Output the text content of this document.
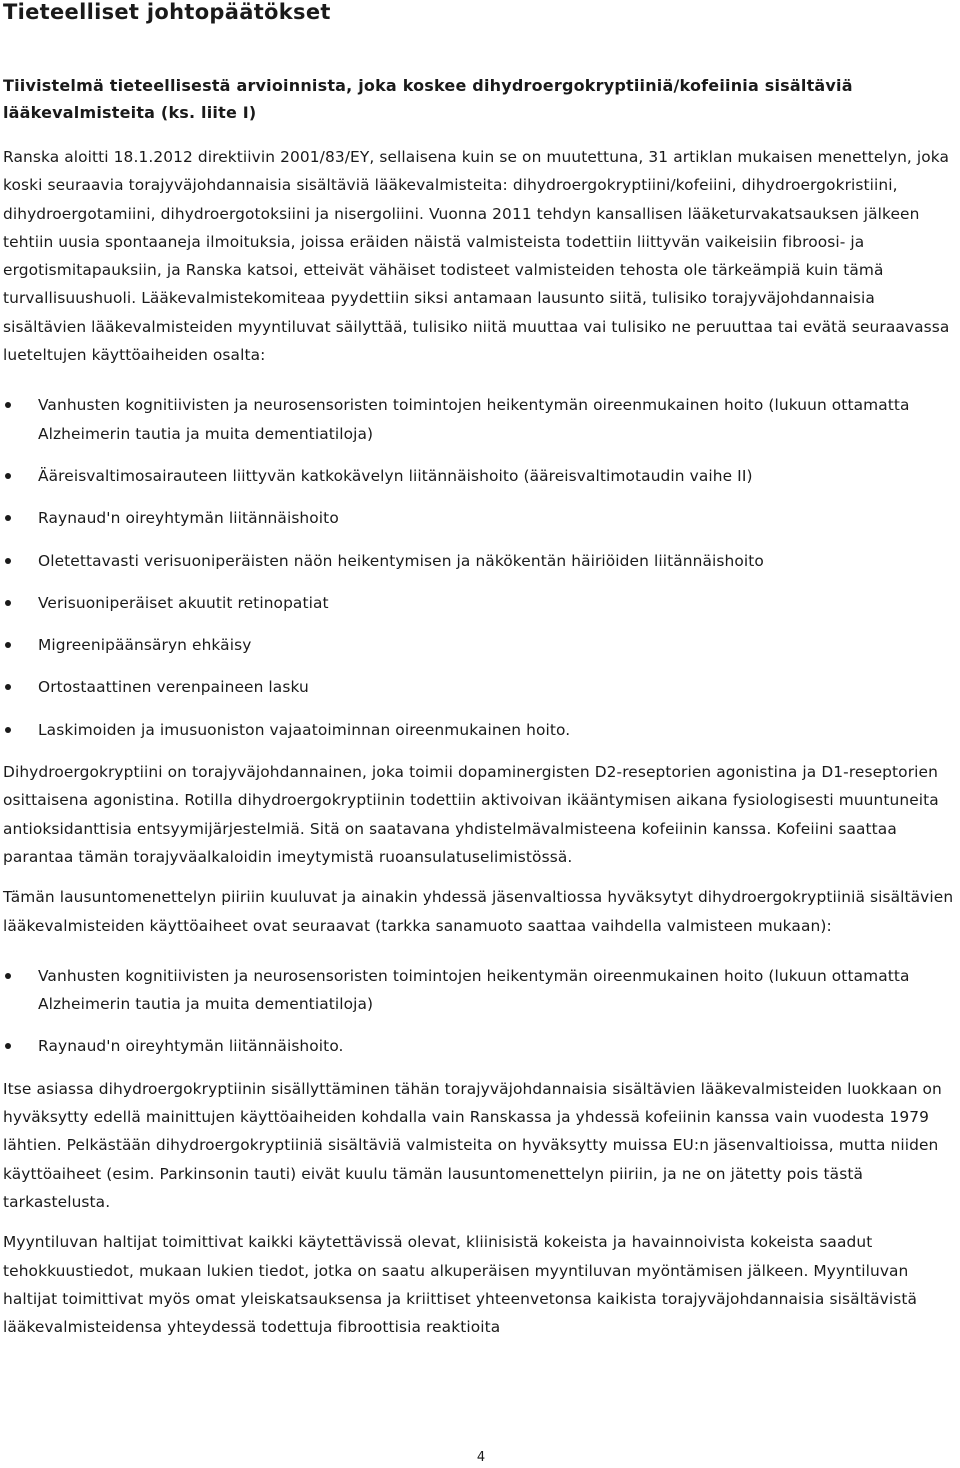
Tieteelliset johtopäätökset
Tiivistelmä tieteellisestä arvioinnista, joka koskee dihydroergokryptiiniä/kofeiinia sisältäviä lääkevalmisteita (ks. liite I)

Ranska aloitti 18.1.2012 direktiivin 2001/83/EY, sellaisena kuin se on muutettuna, 31 artiklan mukaisen menettelyn, joka koski seuraavia torajyväjohdannaisia sisältäviä lääkevalmisteita: dihydroergokryptiini/kofeiini, dihydroergokristiini, dihydroergotamiini, dihydroergotoksiini ja nisergoliini. Vuonna 2011 tehdyn kansallisen lääketurvakatsauksen jälkeen tehtiin uusia spontaaneja ilmoituksia, joissa eräiden näistä valmisteista todettiin liittyvän vaikeisiin fibroosi- ja ergotismitapauksiin, ja Ranska katsoi, etteivät vähäiset todisteet valmisteiden tehosta ole tärkeämpiä kuin tämä turvallisuushuoli. Lääkevalmistekomiteaa pyydettiin siksi antamaan lausunto siitä, tulisiko torajyväjohdannaisia sisältävien lääkevalmisteiden myyntiluvat säilyttää, tulisiko niitä muuttaa vai tulisiko ne peruuttaa tai evätä seuraavassa lueteltujen käyttöaiheiden osalta:

Vanhusten kognitiivisten ja neurosensoristen toimintojen heikentymän oireenmukainen hoito (lukuun ottamatta Alzheimerin tautia ja muita dementiatiloja)
Ääreisvaltimosairauteen liittyvän katkokävelyn liitännäishoito (ääreisvaltimotaudin vaihe II)
Raynaud'n oireyhtymän liitännäishoito
Oletettavasti verisuoniperäisten näön heikentymisen ja näkökentän häiriöiden liitännäishoito
Verisuoniperäiset akuutit retinopatiat
Migreenipäänsäryn ehkäisy
Ortostaattinen verenpaineen lasku
Laskimoiden ja imusuoniston vajaatoiminnan oireenmukainen hoito.

Dihydroergokryptiini on torajyväjohdannainen, joka toimii dopaminergisten D2-reseptorien agonistina ja D1-reseptorien osittaisena agonistina. Rotilla dihydroergokryptiinin todettiin aktivoivan ikääntymisen aikana fysiologisesti muuntuneita antioksidanttisia entsyymijärjestelmiä. Sitä on saatavana yhdistelmävalmisteena kofeiinin kanssa. Kofeiini saattaa parantaa tämän torajyväalkaloidin imeytymistä ruoansulatuselimistössä.

Tämän lausuntomenettelyn piiriin kuuluvat ja ainakin yhdessä jäsenvaltiossa hyväksytyt dihydroergokryptiiniä sisältävien lääkevalmisteiden käyttöaiheet ovat seuraavat (tarkka sanamuoto saattaa vaihdella valmisteen mukaan):

Vanhusten kognitiivisten ja neurosensoristen toimintojen heikentymän oireenmukainen hoito (lukuun ottamatta Alzheimerin tautia ja muita dementiatiloja)
Raynaud'n oireyhtymän liitännäishoito.

Itse asiassa dihydroergokryptiinin sisällyttäminen tähän torajyväjohdannaisia sisältävien lääkevalmisteiden luokkaan on hyväksytty edellä mainittujen käyttöaiheiden kohdalla vain Ranskassa ja yhdessä kofeiinin kanssa vain vuodesta 1979 lähtien. Pelkästään dihydroergokryptiiniä sisältäviä valmisteita on hyväksytty muissa EU:n jäsenvaltioissa, mutta niiden käyttöaiheet (esim. Parkinsonin tauti) eivät kuulu tämän lausuntomenettelyn piiriin, ja ne on jätetty pois tästä tarkastelusta.

Myyntiluvan haltijat toimittivat kaikki käytettävissä olevat, kliinisistä kokeista ja havainnoivista kokeista saadut tehokkuustiedot, mukaan lukien tiedot, jotka on saatu alkuperäisen myyntiluvan myöntämisen jälkeen. Myyntiluvan haltijat toimittivat myös omat yleiskatsauksensa ja kriittiset yhteenvetonsa kaikista torajyväjohdannaisia sisältävistä lääkevalmisteidensa yhteydessä todettuja fibroottisia reaktioita

4
